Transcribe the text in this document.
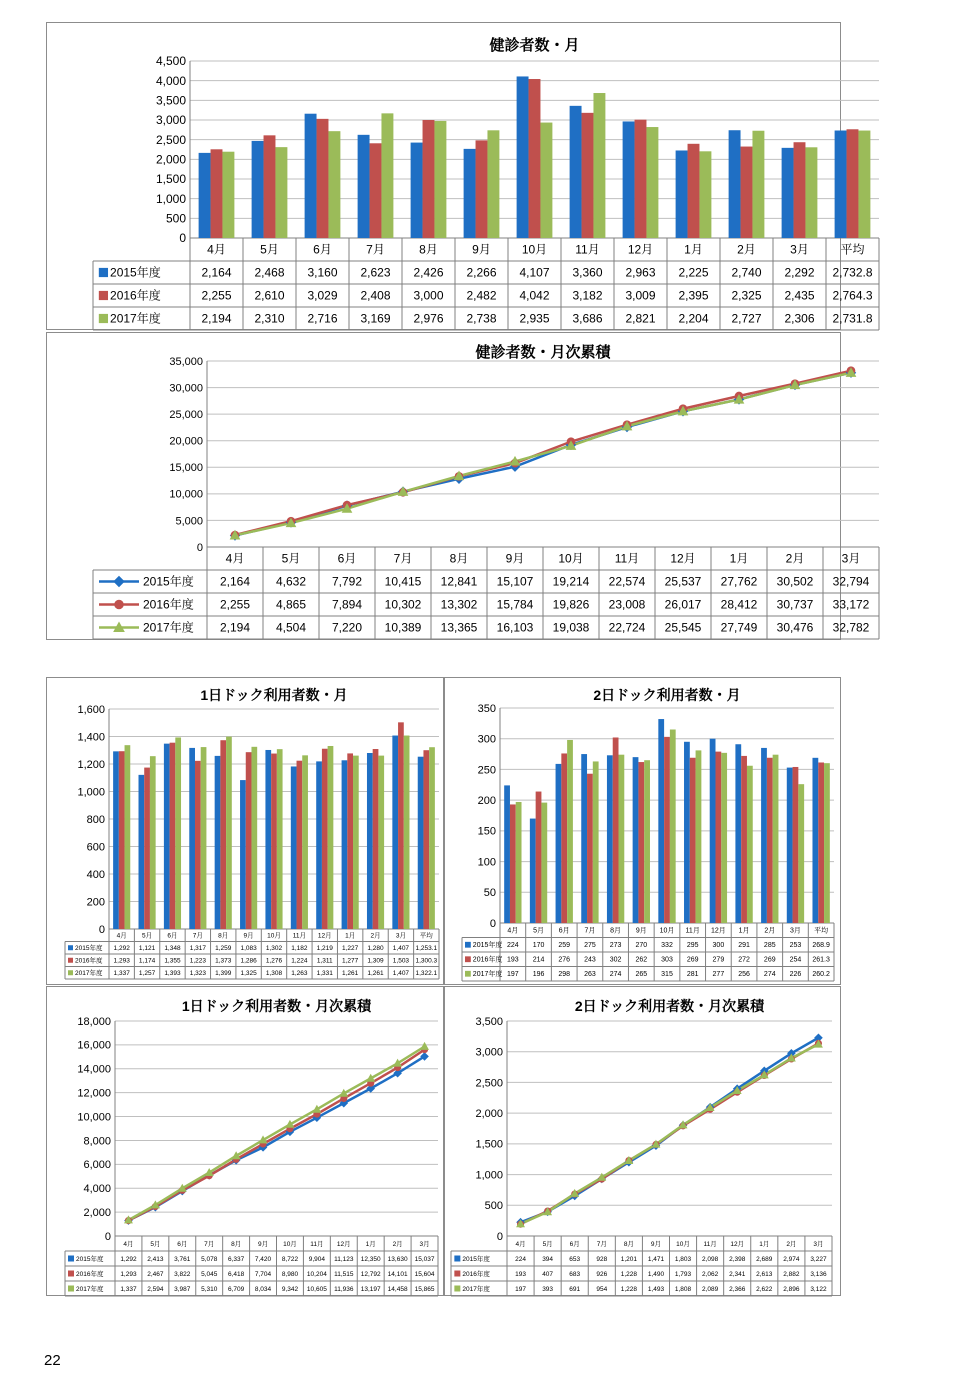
健診者数・月
0
500
1,000
1,500
2,000
2,500
3,000
3,500
4,000
4,500
4月	5月	6月	7月	8月	9月	10月 11月 12月	1月	2月	3月	平均
2015年度	2,164 2,468 3,160 2,623 2,426 2,266 4,107 3,360 2,963 2,225 2,740 2,292 2,732.8
2016年度	2,255 2,610 3,029 2,408 3,000 2,482 4,042 3,182 3,009 2,395 2,325 2,435 2,764.3
2017年度	2,194 2,310 2,716 3,169 2,976 2,738 2,935 3,686 2,821 2,204 2,727 2,306 2,731.8
健診者数・月次累積
0
5,000
10,000
15,000
20,000
25,000
30,000
35,000
4月	5月	6月	7月	8月	9月	10月	11月	12月	1月	2月	3月
2015年度 2,164 4,632 7,792 10,415 12,841 15,107 19,214 22,574 25,537 27,762 30,502 32,794
2016年度 2,255 4,865 7,894 10,302 13,302 15,784 19,826 23,008 26,017 28,412 30,737 33,172
2017年度 2,194 4,504 7,220 10,389 13,365 16,103 19,038 22,724 25,545 27,749 30,476 32,782
1日ドック利用者数・月
0
200
400
600
800
1,000
1,200
1,400
1,600
4月 5月 6月 7月 8月 9月 10月 11月 12月 1月 2月 3月 平均
2015年度 1,292 1,121 1,348 1,317 1,259 1,083 1,302 1,182 1,219 1,227 1,280 1,407 1,253.1
2016年度 1,293 1,174 1,355 1,223 1,373 1,286 1,276 1,224 1,311 1,277 1,309 1,503 1,300.3
2017年度 1,337 1,257 1,393 1,323 1,399 1,325 1,308 1,263 1,331 1,261 1,261 1,407 1,322.1
2日ドック利用者数・月
0
50
100
150
200
250
300
350
4月 5月 6月 7月 8月 9月 10月 11月 12月 1月 2月 3月 平均
2015年度 224 170 259 275 273 270 332 295 300 291 285 253 268.9
2016年度 193 214 276 243 302 262 303 269 279 272 269 254 261.3
2017年度 197 196 298 263 274 265 315 281 277 256 274 226 260.2
1日ドック利用者数・月次累積
0
2,000
4,000
6,000
8,000
10,000
12,000
14,000
16,000
18,000
4月	5月	6月	7月	8月	9月 10月 11月 12月 1月	2月	3月
2015年度	1,292 2,413 3,761 5,078 6,337 7,420 8,722 9,904 11,123 12,350 13,630 15,037
2016年度	1,293 2,467 3,822 5,045 6,418 7,704 8,980 10,204 11,515 12,792 14,101 15,604
2017年度	1,337 2,594 3,987 5,310 6,709 8,034 9,342 10,605 11,936 13,197 14,458 15,865
2日ドック利用者数・月次累積
0
500
1,000
1,500
2,000
2,500
3,000
3,500
4月	5月	6月	7月	8月	9月 10月 11月 12月 1月	2月	3月
2015年度	224 394 653 928 1,201 1,471 1,803 2,098 2,398 2,689 2,974 3,227
2016年度	193 407 683 926 1,228 1,490 1,793 2,062 2,341 2,613 2,882 3,136
2017年度	197 393 691 954 1,228 1,493 1,808 2,089 2,366 2,622 2,896 3,122
22
